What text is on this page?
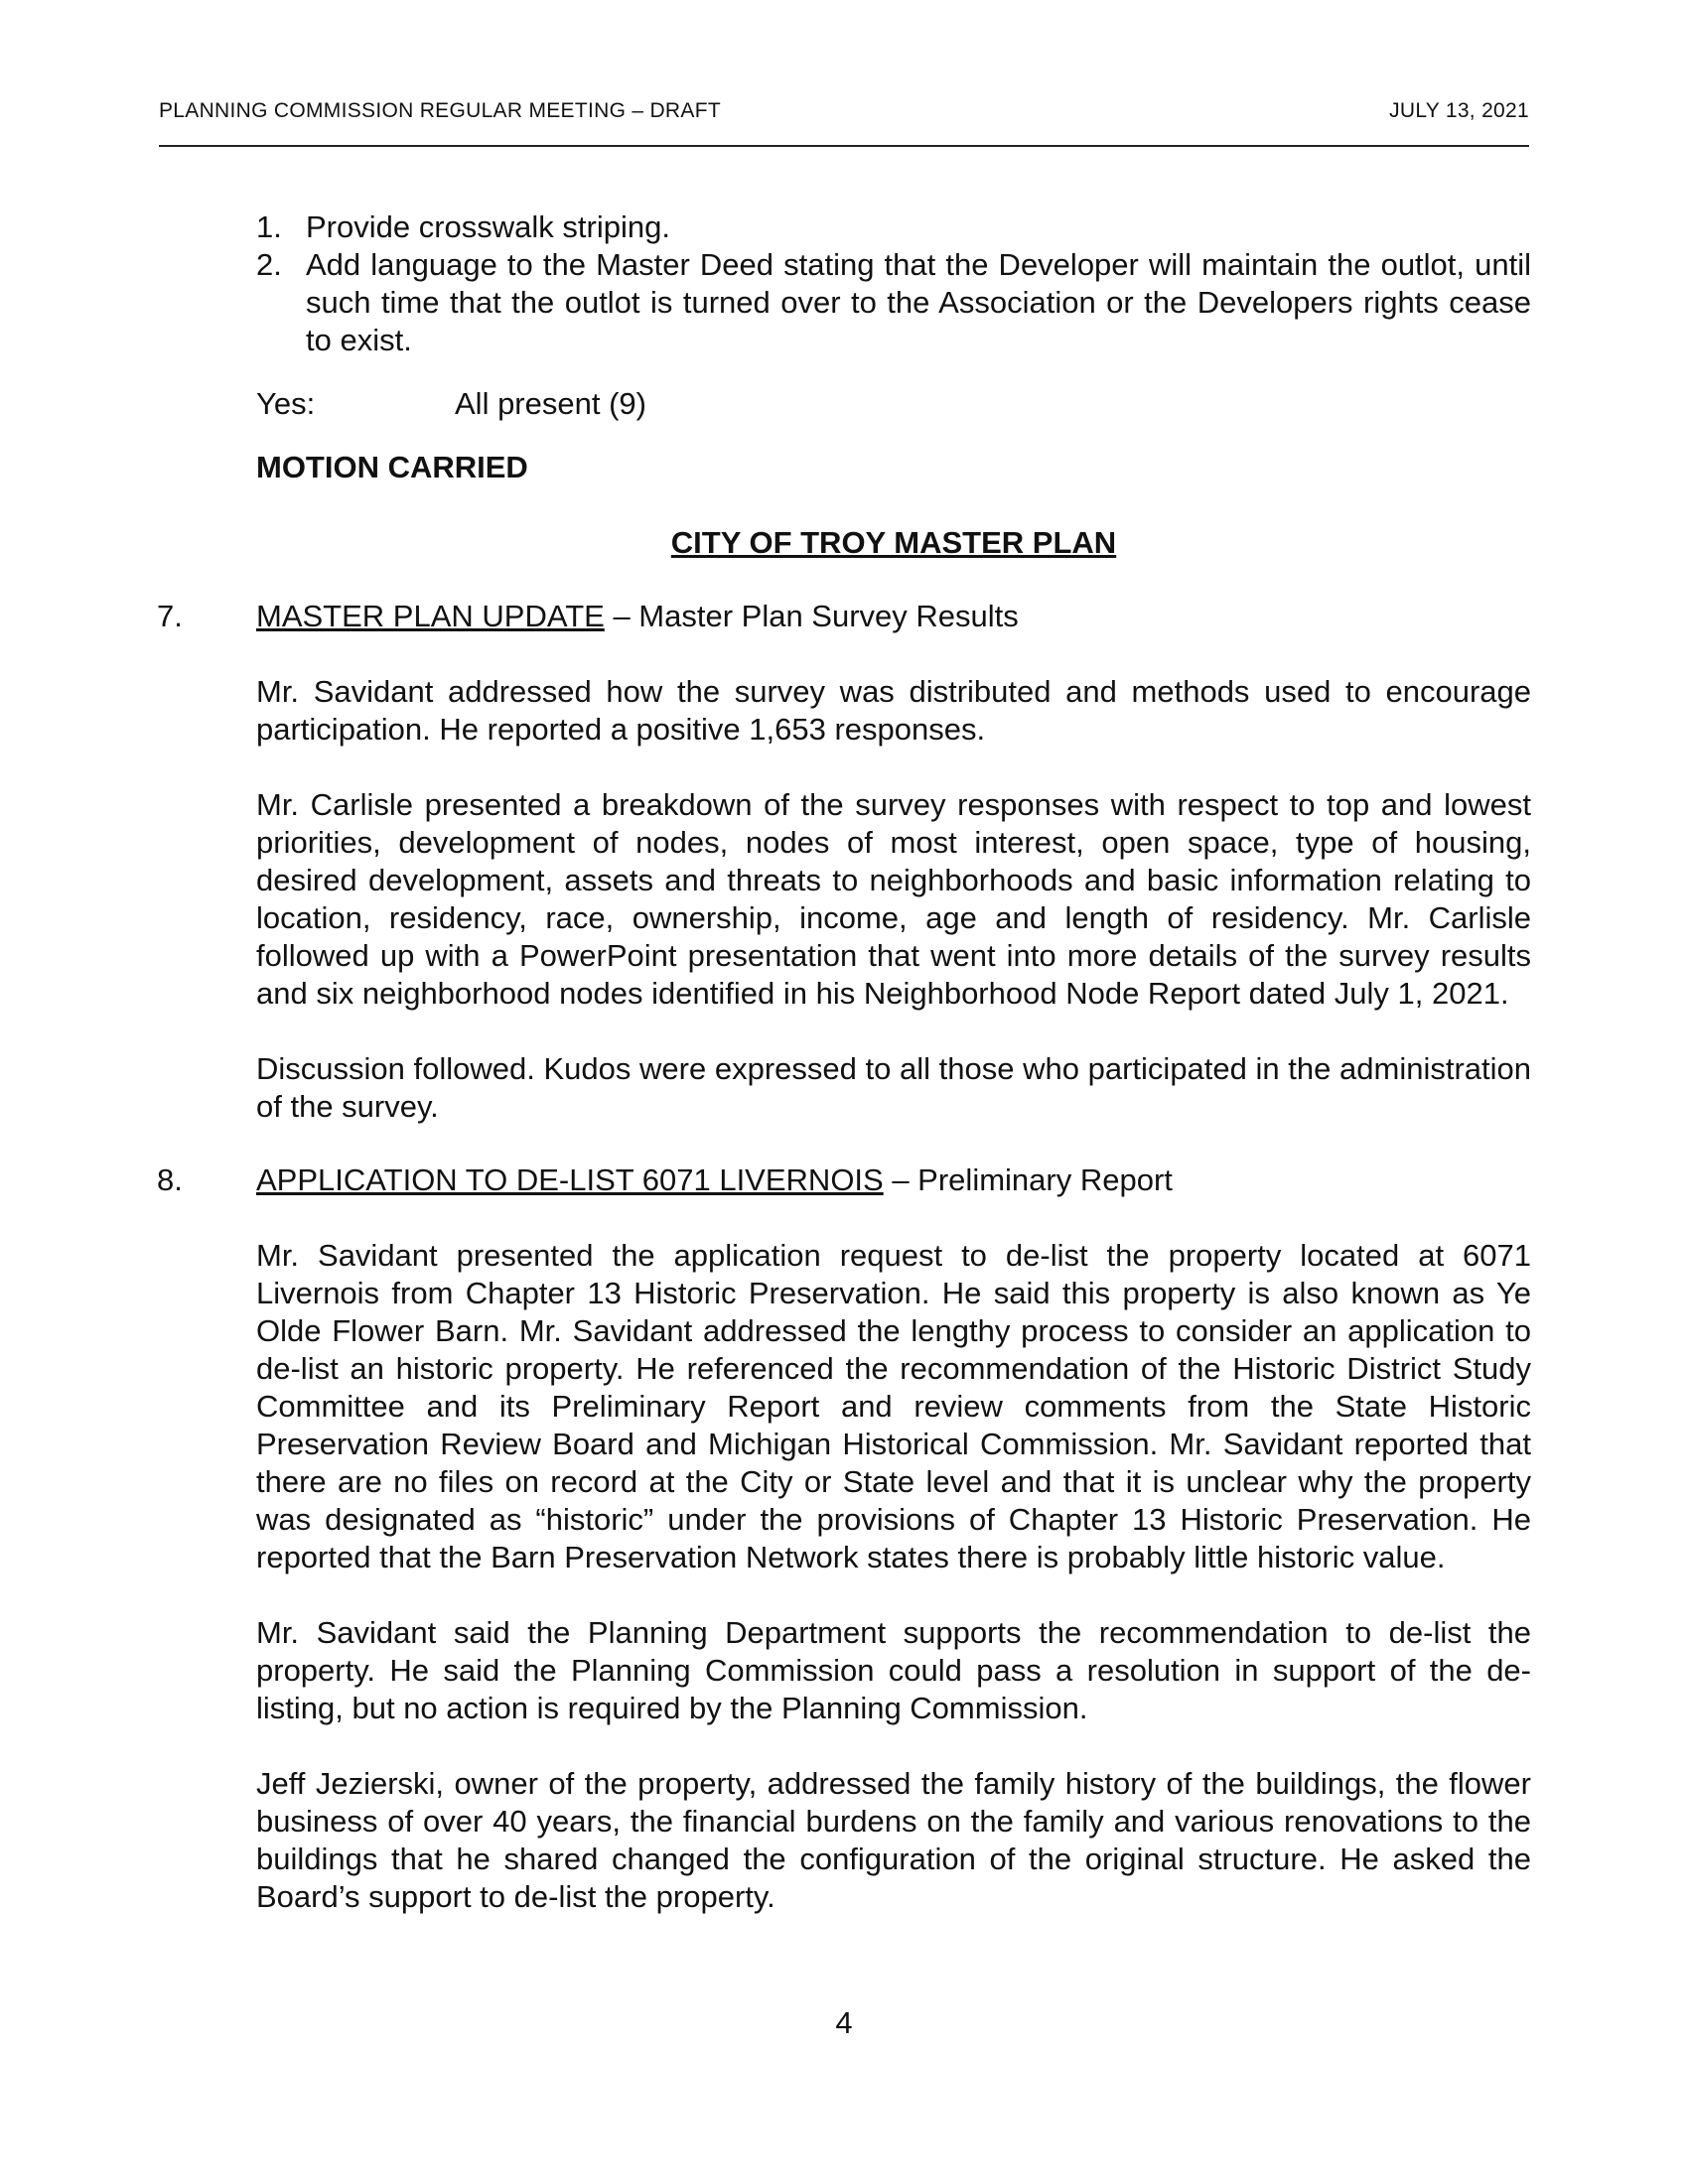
PLANNING COMMISSION REGULAR MEETING – DRAFT	JULY 13, 2021
1. Provide crosswalk striping.
2. Add language to the Master Deed stating that the Developer will maintain the outlot, until such time that the outlot is turned over to the Association or the Developers rights cease to exist.
Yes:	All present (9)
MOTION CARRIED
CITY OF TROY MASTER PLAN
7. MASTER PLAN UPDATE – Master Plan Survey Results

Mr. Savidant addressed how the survey was distributed and methods used to encourage participation. He reported a positive 1,653 responses.

Mr. Carlisle presented a breakdown of the survey responses with respect to top and lowest priorities, development of nodes, nodes of most interest, open space, type of housing, desired development, assets and threats to neighborhoods and basic information relating to location, residency, race, ownership, income, age and length of residency. Mr. Carlisle followed up with a PowerPoint presentation that went into more details of the survey results and six neighborhood nodes identified in his Neighborhood Node Report dated July 1, 2021.

Discussion followed. Kudos were expressed to all those who participated in the administration of the survey.

8. APPLICATION TO DE-LIST 6071 LIVERNOIS – Preliminary Report

Mr. Savidant presented the application request to de-list the property located at 6071 Livernois from Chapter 13 Historic Preservation. He said this property is also known as Ye Olde Flower Barn. Mr. Savidant addressed the lengthy process to consider an application to de-list an historic property. He referenced the recommendation of the Historic District Study Committee and its Preliminary Report and review comments from the State Historic Preservation Review Board and Michigan Historical Commission. Mr. Savidant reported that there are no files on record at the City or State level and that it is unclear why the property was designated as “historic” under the provisions of Chapter 13 Historic Preservation. He reported that the Barn Preservation Network states there is probably little historic value.

Mr. Savidant said the Planning Department supports the recommendation to de-list the property. He said the Planning Commission could pass a resolution in support of the de-listing, but no action is required by the Planning Commission.

Jeff Jezierski, owner of the property, addressed the family history of the buildings, the flower business of over 40 years, the financial burdens on the family and various renovations to the buildings that he shared changed the configuration of the original structure. He asked the Board’s support to de-list the property.

4
